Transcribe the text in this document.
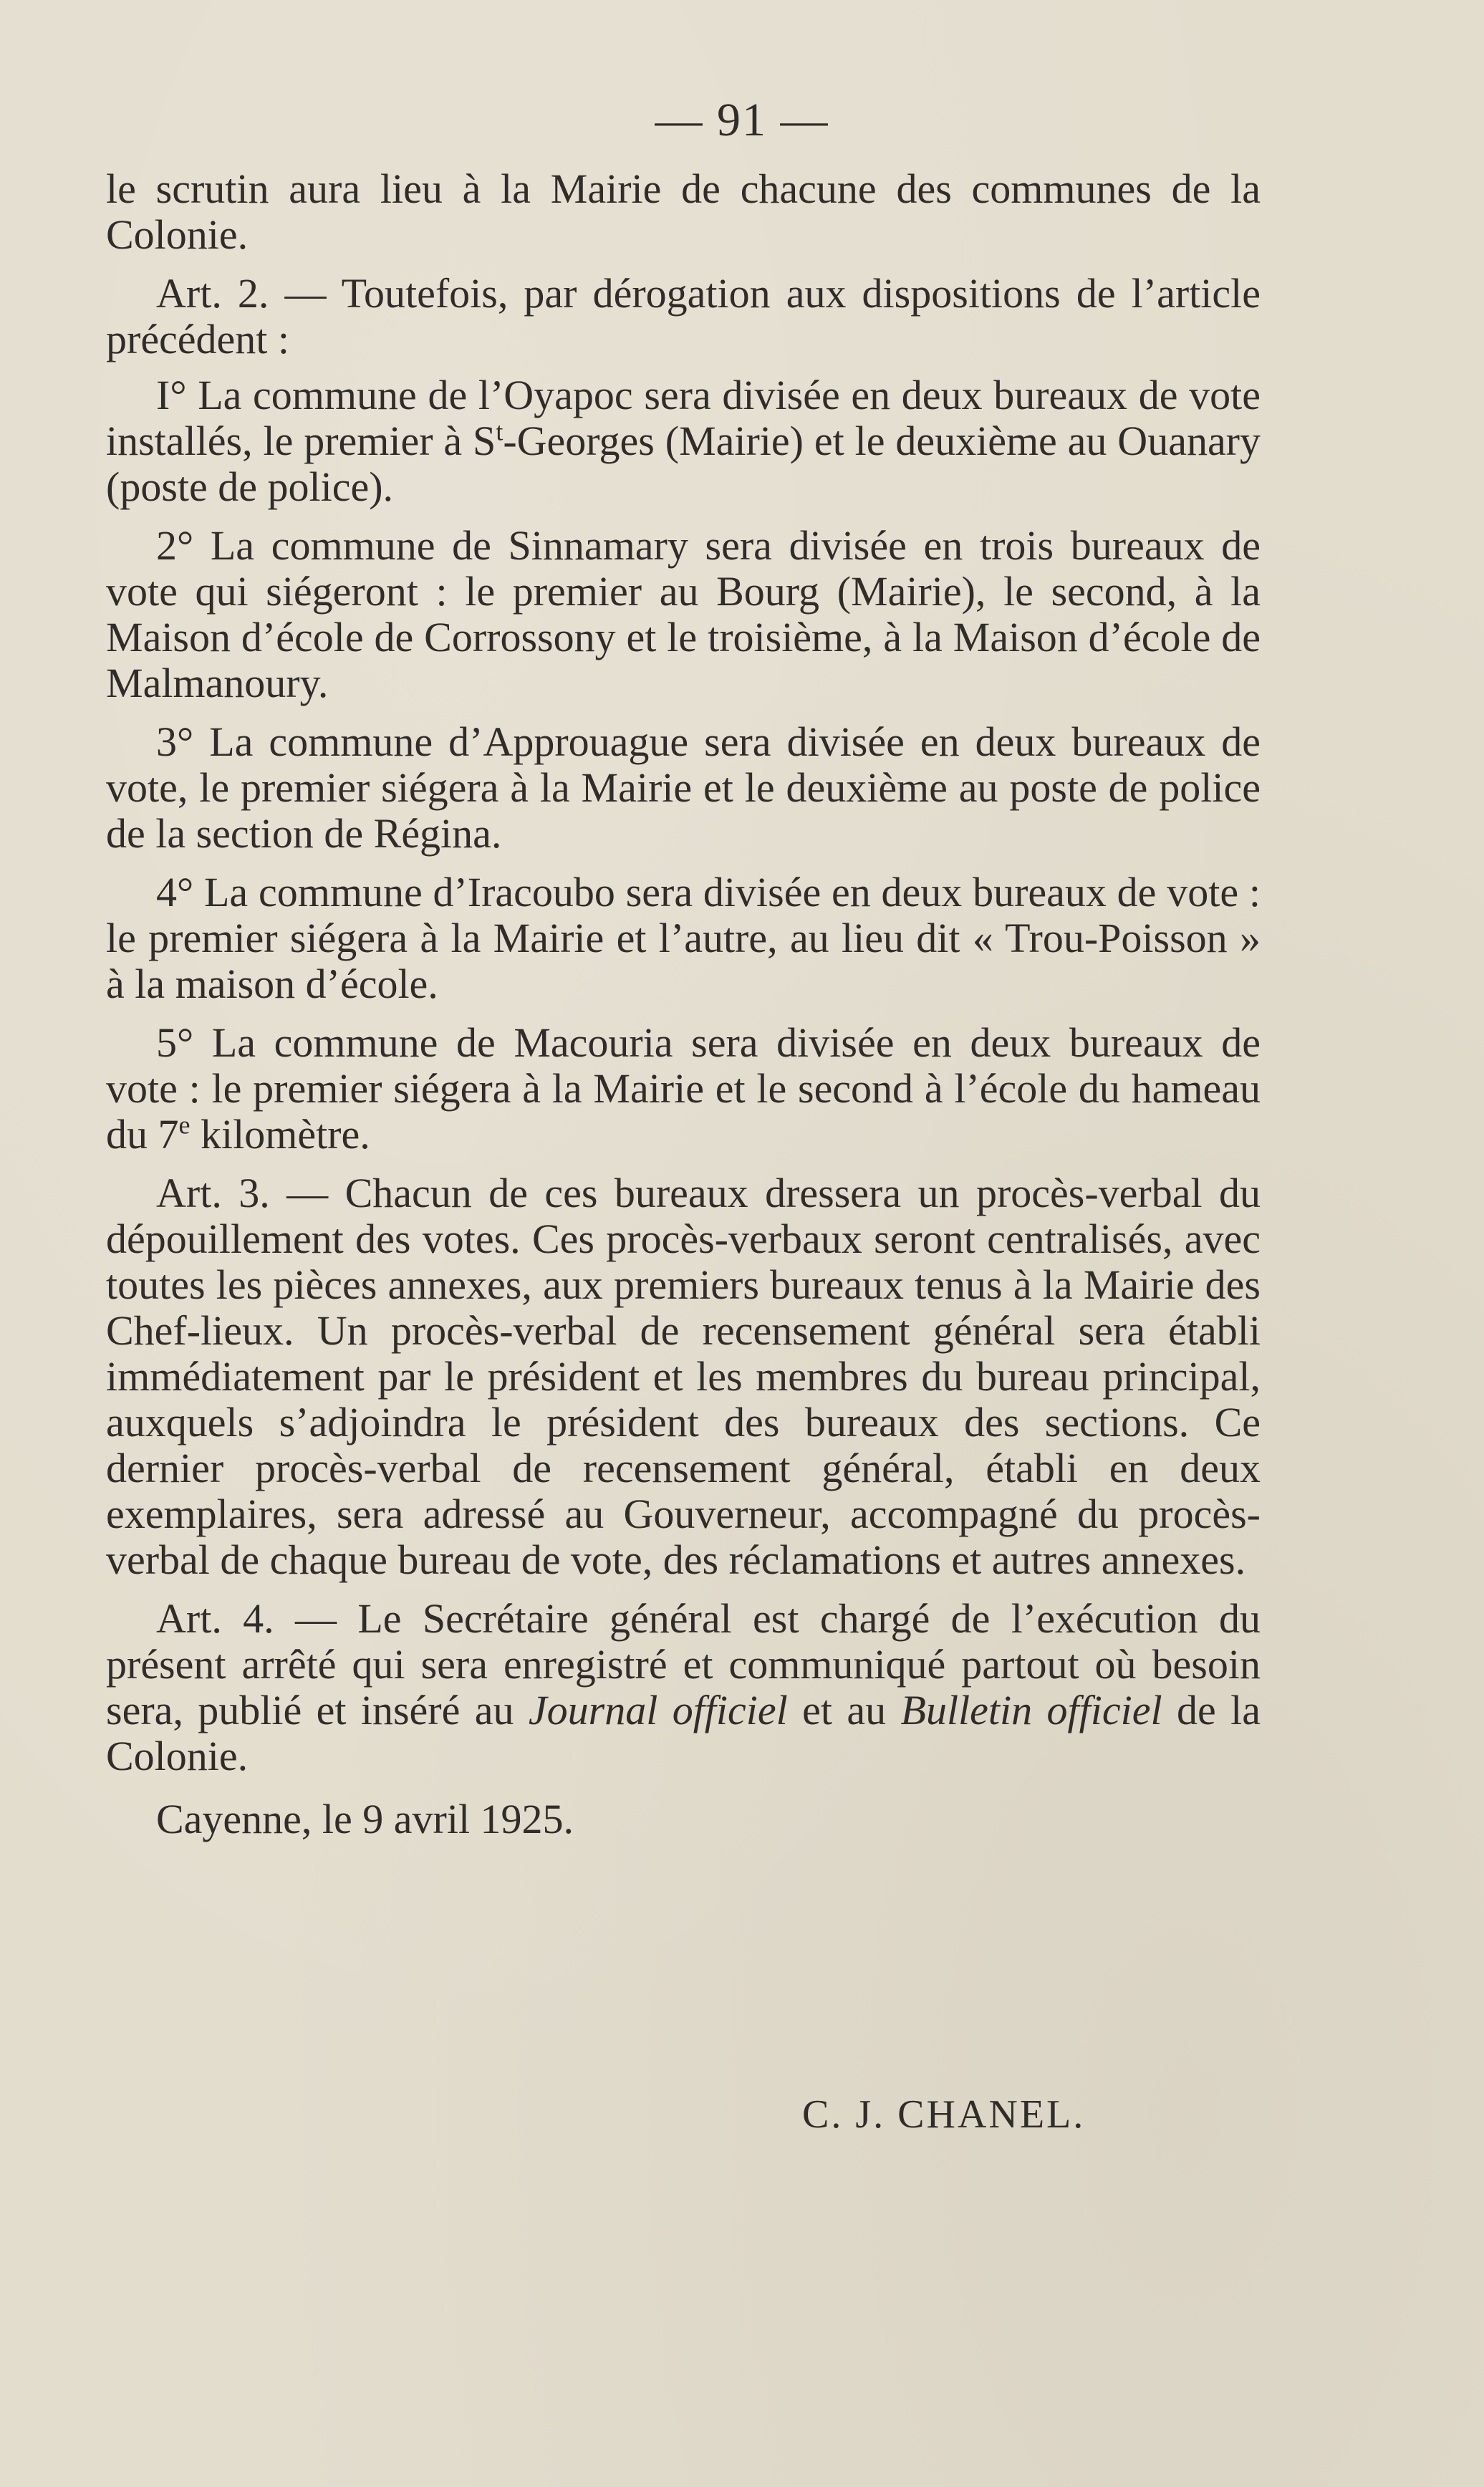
— 91 —

le scrutin aura lieu à la Mairie de chacune des communes de la Colonie.

Art. 2. — Toutefois, par dérogation aux dispositions de l’article précédent :

I° La commune de l’Oyapoc sera divisée en deux bureaux de vote installés, le premier à $S^t$-Georges (Mairie) et le deuxième au Ouanary (poste de police).

2° La commune de Sinnamary sera divisée en trois bureaux de vote qui siégeront : le premier au Bourg (Mairie), le second, à la Maison d’école de Corrossony et le troisième, à la Maison d’école de Malmanoury.

3° La commune d’Approuague sera divisée en deux bureaux de vote, le premier siégera à la Mairie et le deuxième au poste de police de la section de Régina.

4° La commune d’Iracoubo sera divisée en deux bureaux de vote : le premier siégera à la Mairie et l’autre, au lieu dit « Trou-Poisson » à la maison d’école.

5° La commune de Macouria sera divisée en deux bureaux de vote : le premier siégera à la Mairie et le second à l’école du hameau du 7e kilomètre.

Art. 3. — Chacun de ces bureaux dressera un procès-verbal du dépouillement des votes. Ces procès-verbaux seront centralisés, avec toutes les pièces annexes, aux premiers bureaux tenus à la Mairie des Chef-lieux. Un procès-verbal de recensement général sera établi immédiatement par le président et les membres du bureau principal, auxquels s’adjoindra le président des bureaux des sections. Ce dernier procès-verbal de recensement général, établi en deux exemplaires, sera adressé au Gouverneur, accompagné du procès-verbal de chaque bureau de vote, des réclamations et autres annexes.

Art. 4. — Le Secrétaire général est chargé de l’exécution du présent arrêté qui sera enregistré et communiqué partout où besoin sera, publié et inséré au Journal officiel et au Bulletin officiel de la Colonie.

Cayenne, le 9 avril 1925.

C. J. CHANEL.
